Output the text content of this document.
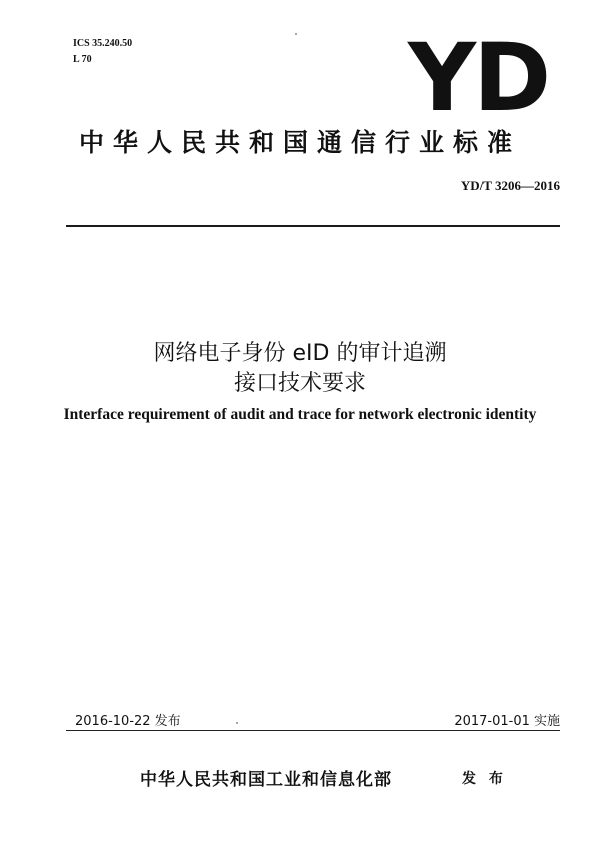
ICS 35.240.50
L 70	YD
中华人民共和国通信行业标准
YD/T 3206—2016
网络电子身份 eID 的审计追溯
接口技术要求
Interface requirement of audit and trace for network electronic identity
2016-10-22 发布	2017-01-01 实施
中华人民共和国工业和信息化部	发 布
